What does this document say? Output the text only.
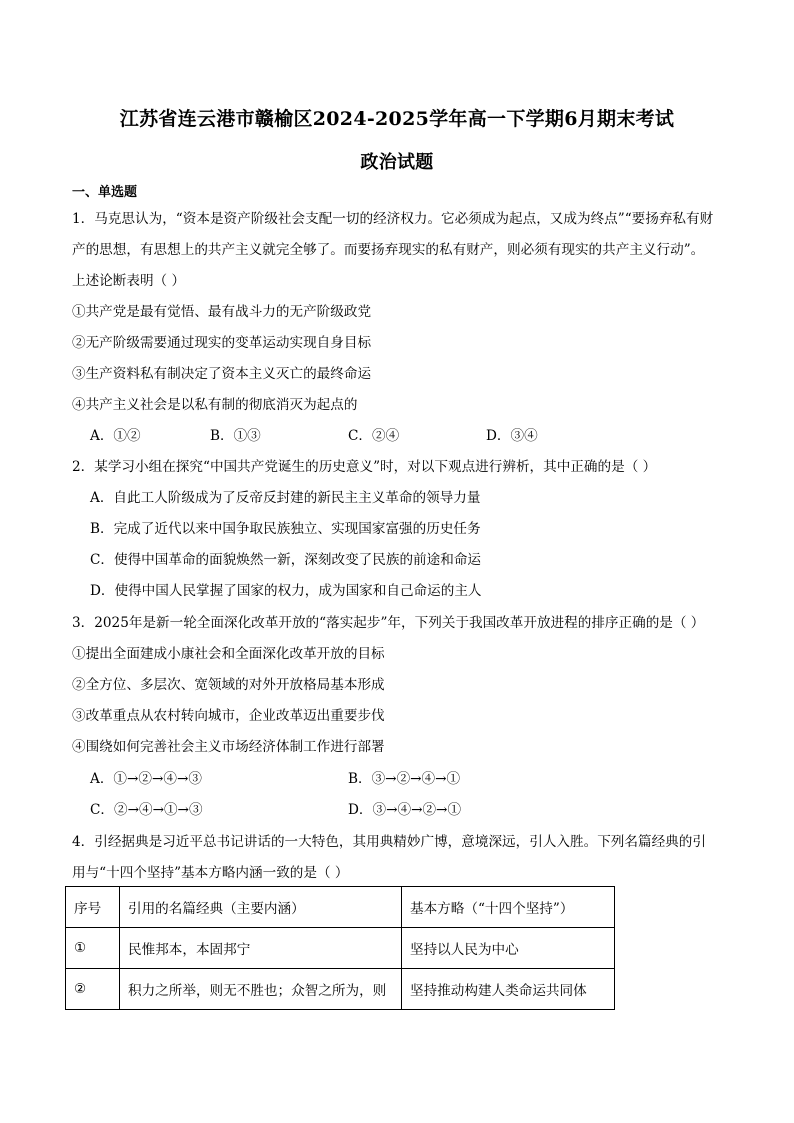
江苏省连云港市赣榆区2024-2025学年高一下学期6月期末考试
政治试题
一、单选题
1．马克思认为，“资本是资产阶级社会支配一切的经济权力。它必须成为起点，又成为终点”“要扬弃私有财
产的思想，有思想上的共产主义就完全够了。而要扬弃现实的私有财产，则必须有现实的共产主义行动”。
上述论断表明（ ）
①共产党是最有觉悟、最有战斗力的无产阶级政党
②无产阶级需要通过现实的变革运动实现自身目标
③生产资料私有制决定了资本主义灭亡的最终命运
④共产主义社会是以私有制的彻底消灭为起点的
A．①②	B．①③	C．②④	D．③④
2．某学习小组在探究“中国共产党诞生的历史意义”时，对以下观点进行辨析，其中正确的是（ ）
A．自此工人阶级成为了反帝反封建的新民主主义革命的领导力量
B．完成了近代以来中国争取民族独立、实现国家富强的历史任务
C．使得中国革命的面貌焕然一新，深刻改变了民族的前途和命运
D．使得中国人民掌握了国家的权力，成为国家和自己命运的主人
3．2025年是新一轮全面深化改革开放的“落实起步”年，下列关于我国改革开放进程的排序正确的是（ ）
①提出全面建成小康社会和全面深化改革开放的目标
②全方位、多层次、宽领域的对外开放格局基本形成
③改革重点从农村转向城市，企业改革迈出重要步伐
④围绕如何完善社会主义市场经济体制工作进行部署
A．①→②→④→③	B．③→②→④→①
C．②→④→①→③	D．③→④→②→①
4．引经据典是习近平总书记讲话的一大特色，其用典精妙广博，意境深远，引人入胜。下列名篇经典的引
用与“十四个坚持”基本方略内涵一致的是（ ）
序号	引用的名篇经典（主要内涵）	基本方略（“十四个坚持”）
①	民惟邦本，本固邦宁	坚持以人民为中心
②	积力之所举，则无不胜也；众智之所为，则	坚持推动构建人类命运共同体
